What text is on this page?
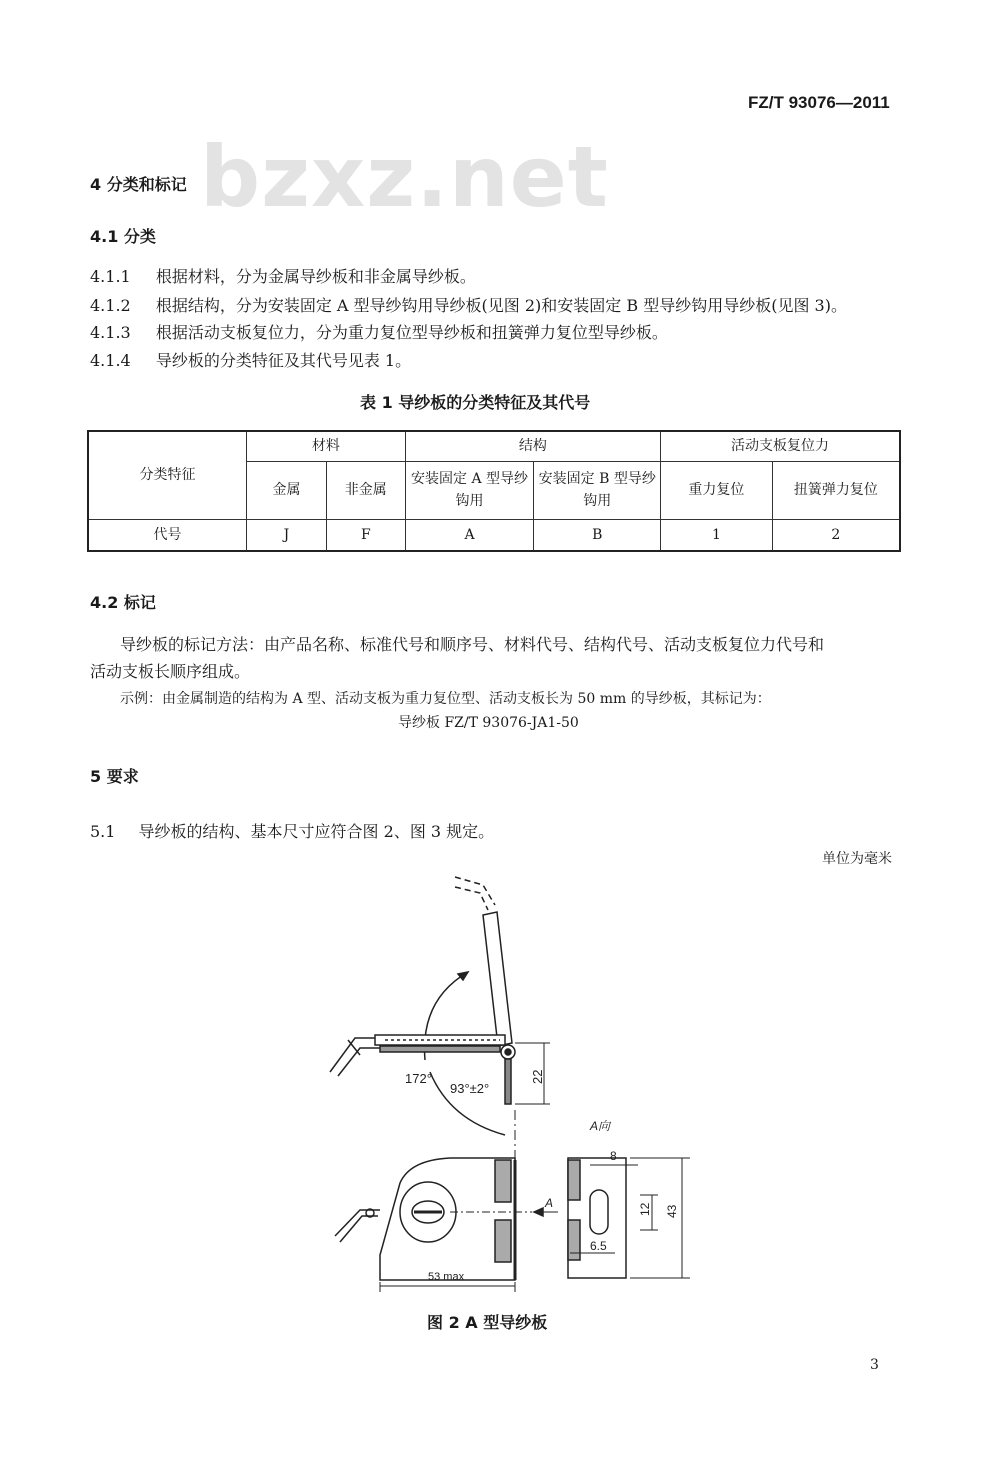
FZ/T 93076—2011
bzxz.net
4 分类和标记
4.1 分类
4.1.1 根据材料，分为金属导纱板和非金属导纱板。
4.1.2 根据结构，分为安装固定 A 型导纱钩用导纱板(见图 2)和安装固定 B 型导纱钩用导纱板(见图 3)。
4.1.3 根据活动支板复位力，分为重力复位型导纱板和扭簧弹力复位型导纱板。
4.1.4 导纱板的分类特征及其代号见表 1。
表 1 导纱板的分类特征及其代号
分类特征	材料		结构		活动支板复位力	
	金属	非金属	安装固定 A 型导纱钩用	安装固定 B 型导纱钩用	重力复位	扭簧弹力复位
代号	J	F	A	B	1	2
4.2 标记
导纱板的标记方法：由产品名称、标准代号和顺序号、材料代号、结构代号、活动支板复位力代号和
活动支板长顺序组成。
示例：由金属制造的结构为 A 型、活动支板为重力复位型、活动支板长为 50 mm 的导纱板，其标记为：
导纱板 FZ/T 93076-JA1-50
5 要求
5.1 导纱板的结构、基本尺寸应符合图 2、图 3 规定。
单位为毫米
172°
93°±2°
22
A向
A
53 max
8
12 43
6.5
图 2 A 型导纱板
3
